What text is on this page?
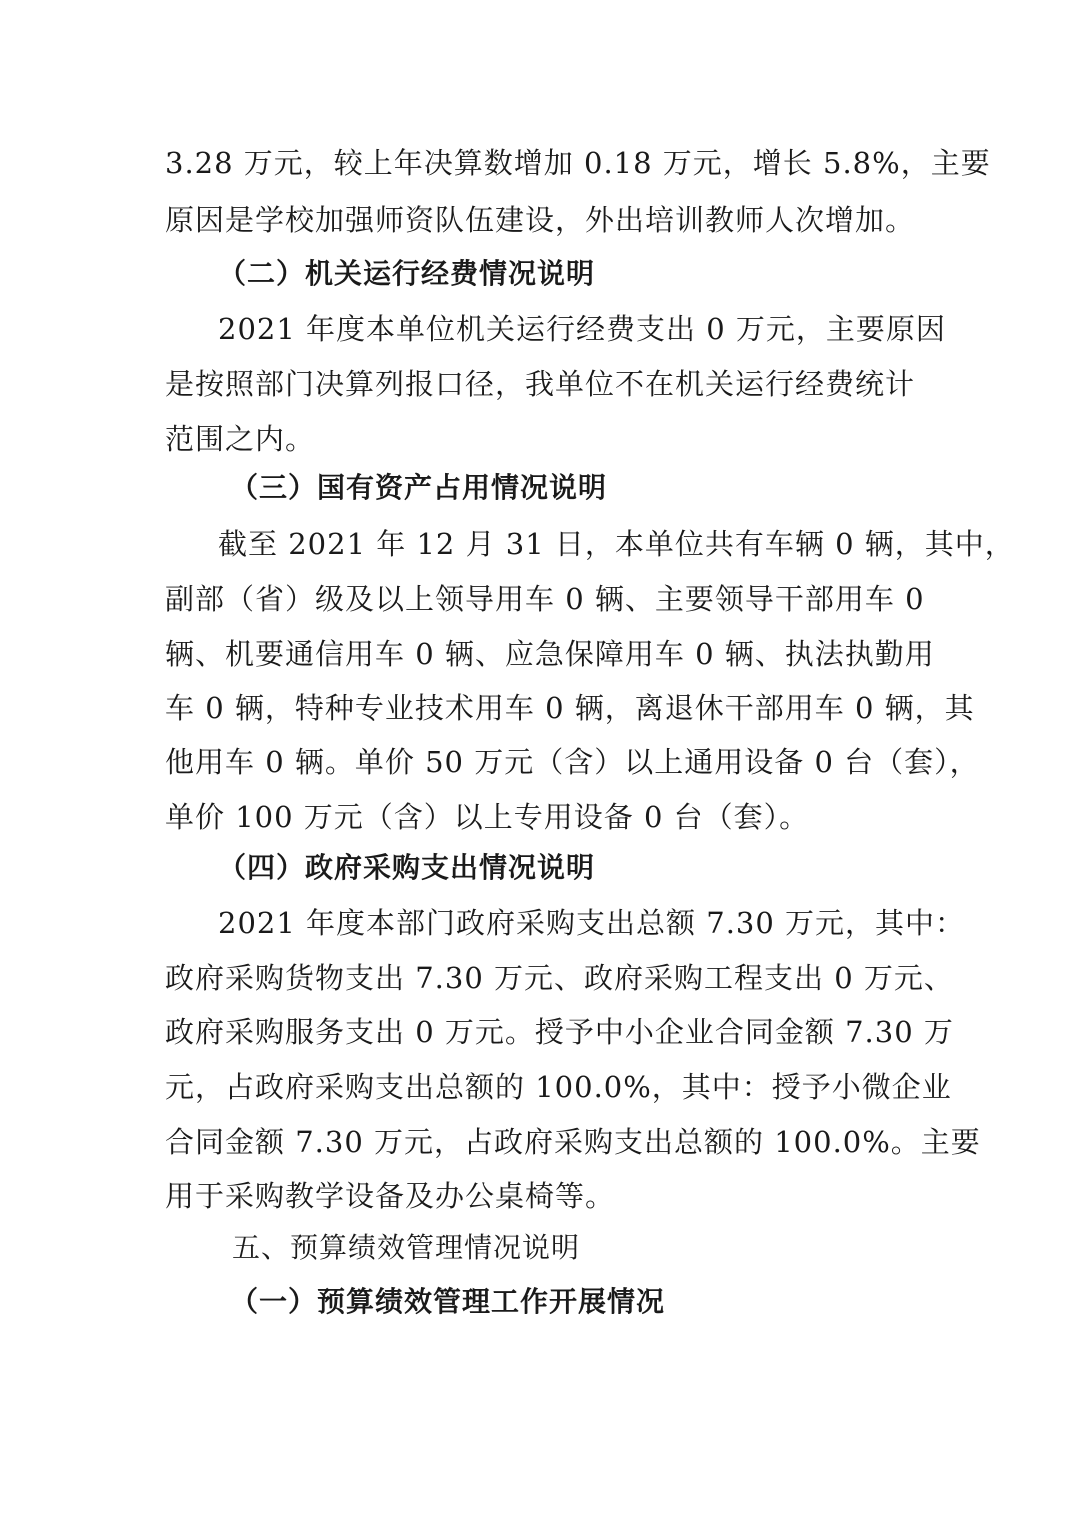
3.28 万元，较上年决算数增加 0.18 万元，增长 5.8%，主要
原因是学校加强师资队伍建设，外出培训教师人次增加。
（二）机关运行经费情况说明
2021 年度本单位机关运行经费支出 0 万元，主要原因
是按照部门决算列报口径，我单位不在机关运行经费统计
范围之内。
（三）国有资产占用情况说明
截至 2021 年 12 月 31 日，本单位共有车辆 0 辆，其中，
副部（省）级及以上领导用车 0 辆、主要领导干部用车 0
辆、机要通信用车 0 辆、应急保障用车 0 辆、执法执勤用
车 0 辆，特种专业技术用车 0 辆，离退休干部用车 0 辆，其
他用车 0 辆。单价 50 万元（含）以上通用设备 0 台（套），
单价 100 万元（含）以上专用设备 0 台（套）。
（四）政府采购支出情况说明
2021 年度本部门政府采购支出总额 7.30 万元，其中：
政府采购货物支出 7.30 万元、政府采购工程支出 0 万元、
政府采购服务支出 0 万元。授予中小企业合同金额 7.30 万
元，占政府采购支出总额的 100.0%，其中：授予小微企业
合同金额 7.30 万元，占政府采购支出总额的 100.0%。主要
用于采购教学设备及办公桌椅等。
五、预算绩效管理情况说明
（一）预算绩效管理工作开展情况
